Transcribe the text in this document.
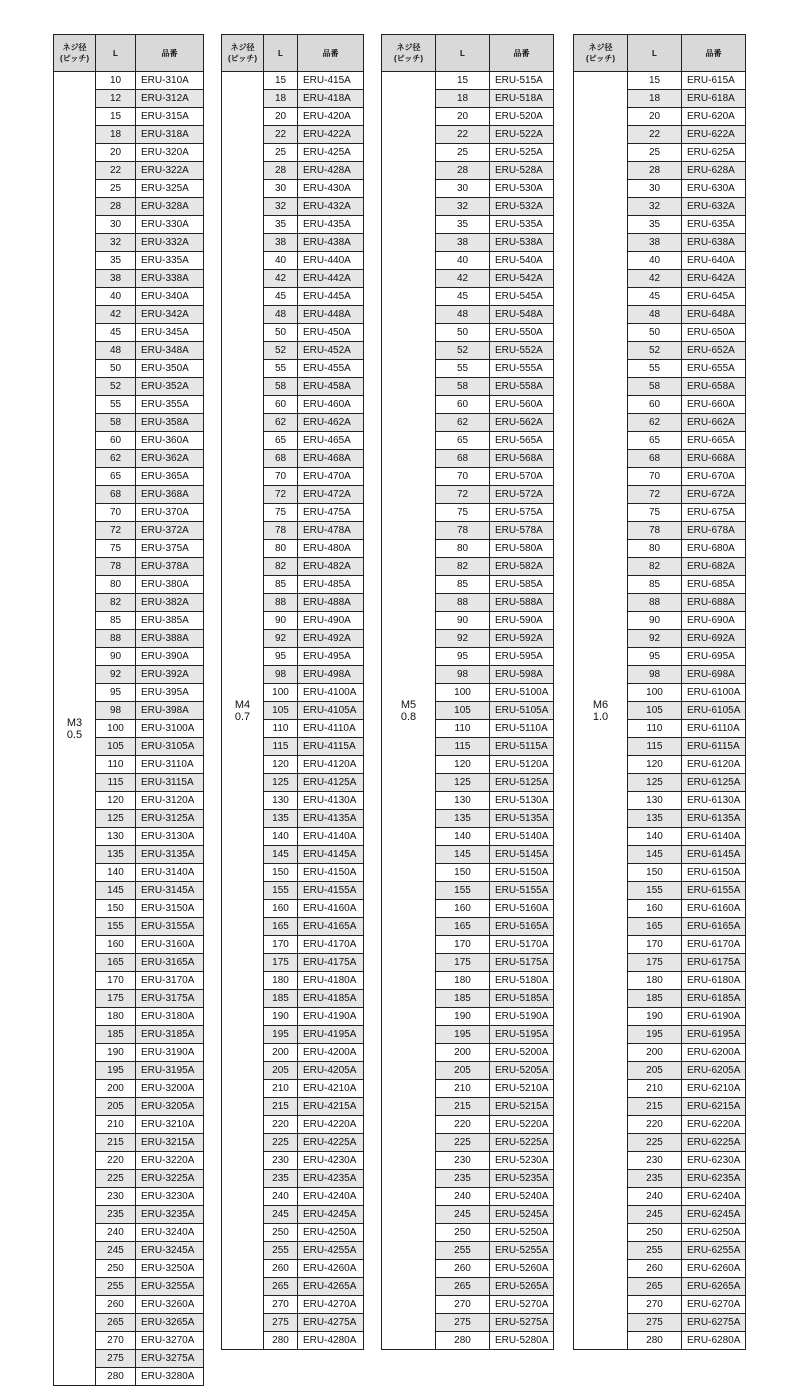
ネジ径
(ピッチ)	L	品番

M3
0.5	10	ERU-310A
	12	ERU-312A
	15	ERU-315A
	18	ERU-318A
	20	ERU-320A
	22	ERU-322A
	25	ERU-325A
	28	ERU-328A
	30	ERU-330A
	32	ERU-332A
	35	ERU-335A
	38	ERU-338A
	40	ERU-340A
	42	ERU-342A
	45	ERU-345A
	48	ERU-348A
	50	ERU-350A
	52	ERU-352A
	55	ERU-355A
	58	ERU-358A
	60	ERU-360A
	62	ERU-362A
	65	ERU-365A
	68	ERU-368A
	70	ERU-370A
	72	ERU-372A
	75	ERU-375A
	78	ERU-378A
	80	ERU-380A
	82	ERU-382A
	85	ERU-385A
	88	ERU-388A
	90	ERU-390A
	92	ERU-392A
	95	ERU-395A
	98	ERU-398A
	100	ERU-3100A
	105	ERU-3105A
	110	ERU-3110A
	115	ERU-3115A
	120	ERU-3120A
	125	ERU-3125A
	130	ERU-3130A
	135	ERU-3135A
	140	ERU-3140A
	145	ERU-3145A
	150	ERU-3150A
	155	ERU-3155A
	160	ERU-3160A
	165	ERU-3165A
	170	ERU-3170A
	175	ERU-3175A
	180	ERU-3180A
	185	ERU-3185A
	190	ERU-3190A
	195	ERU-3195A
	200	ERU-3200A
	205	ERU-3205A
	210	ERU-3210A
	215	ERU-3215A
	220	ERU-3220A
	225	ERU-3225A
	230	ERU-3230A
	235	ERU-3235A
	240	ERU-3240A
	245	ERU-3245A
	250	ERU-3250A
	255	ERU-3255A
	260	ERU-3260A
	265	ERU-3265A
	270	ERU-3270A
	275	ERU-3275A
	280	ERU-3280A
ネジ径
(ピッチ)	L	品番

M4
0.7	15	ERU-415A
	18	ERU-418A
	20	ERU-420A
	22	ERU-422A
	25	ERU-425A
	28	ERU-428A
	30	ERU-430A
	32	ERU-432A
	35	ERU-435A
	38	ERU-438A
	40	ERU-440A
	42	ERU-442A
	45	ERU-445A
	48	ERU-448A
	50	ERU-450A
	52	ERU-452A
	55	ERU-455A
	58	ERU-458A
	60	ERU-460A
	62	ERU-462A
	65	ERU-465A
	68	ERU-468A
	70	ERU-470A
	72	ERU-472A
	75	ERU-475A
	78	ERU-478A
	80	ERU-480A
	82	ERU-482A
	85	ERU-485A
	88	ERU-488A
	90	ERU-490A
	92	ERU-492A
	95	ERU-495A
	98	ERU-498A
	100	ERU-4100A
	105	ERU-4105A
	110	ERU-4110A
	115	ERU-4115A
	120	ERU-4120A
	125	ERU-4125A
	130	ERU-4130A
	135	ERU-4135A
	140	ERU-4140A
	145	ERU-4145A
	150	ERU-4150A
	155	ERU-4155A
	160	ERU-4160A
	165	ERU-4165A
	170	ERU-4170A
	175	ERU-4175A
	180	ERU-4180A
	185	ERU-4185A
	190	ERU-4190A
	195	ERU-4195A
	200	ERU-4200A
	205	ERU-4205A
	210	ERU-4210A
	215	ERU-4215A
	220	ERU-4220A
	225	ERU-4225A
	230	ERU-4230A
	235	ERU-4235A
	240	ERU-4240A
	245	ERU-4245A
	250	ERU-4250A
	255	ERU-4255A
	260	ERU-4260A
	265	ERU-4265A
	270	ERU-4270A
	275	ERU-4275A
	280	ERU-4280A
ネジ径
(ピッチ)	L	品番

M5
0.8	15	ERU-515A
	18	ERU-518A
	20	ERU-520A
	22	ERU-522A
	25	ERU-525A
	28	ERU-528A
	30	ERU-530A
	32	ERU-532A
	35	ERU-535A
	38	ERU-538A
	40	ERU-540A
	42	ERU-542A
	45	ERU-545A
	48	ERU-548A
	50	ERU-550A
	52	ERU-552A
	55	ERU-555A
	58	ERU-558A
	60	ERU-560A
	62	ERU-562A
	65	ERU-565A
	68	ERU-568A
	70	ERU-570A
	72	ERU-572A
	75	ERU-575A
	78	ERU-578A
	80	ERU-580A
	82	ERU-582A
	85	ERU-585A
	88	ERU-588A
	90	ERU-590A
	92	ERU-592A
	95	ERU-595A
	98	ERU-598A
	100	ERU-5100A
	105	ERU-5105A
	110	ERU-5110A
	115	ERU-5115A
	120	ERU-5120A
	125	ERU-5125A
	130	ERU-5130A
	135	ERU-5135A
	140	ERU-5140A
	145	ERU-5145A
	150	ERU-5150A
	155	ERU-5155A
	160	ERU-5160A
	165	ERU-5165A
	170	ERU-5170A
	175	ERU-5175A
	180	ERU-5180A
	185	ERU-5185A
	190	ERU-5190A
	195	ERU-5195A
	200	ERU-5200A
	205	ERU-5205A
	210	ERU-5210A
	215	ERU-5215A
	220	ERU-5220A
	225	ERU-5225A
	230	ERU-5230A
	235	ERU-5235A
	240	ERU-5240A
	245	ERU-5245A
	250	ERU-5250A
	255	ERU-5255A
	260	ERU-5260A
	265	ERU-5265A
	270	ERU-5270A
	275	ERU-5275A
	280	ERU-5280A
ネジ径
(ピッチ)	L	品番

M6
1.0	15	ERU-615A
	18	ERU-618A
	20	ERU-620A
	22	ERU-622A
	25	ERU-625A
	28	ERU-628A
	30	ERU-630A
	32	ERU-632A
	35	ERU-635A
	38	ERU-638A
	40	ERU-640A
	42	ERU-642A
	45	ERU-645A
	48	ERU-648A
	50	ERU-650A
	52	ERU-652A
	55	ERU-655A
	58	ERU-658A
	60	ERU-660A
	62	ERU-662A
	65	ERU-665A
	68	ERU-668A
	70	ERU-670A
	72	ERU-672A
	75	ERU-675A
	78	ERU-678A
	80	ERU-680A
	82	ERU-682A
	85	ERU-685A
	88	ERU-688A
	90	ERU-690A
	92	ERU-692A
	95	ERU-695A
	98	ERU-698A
	100	ERU-6100A
	105	ERU-6105A
	110	ERU-6110A
	115	ERU-6115A
	120	ERU-6120A
	125	ERU-6125A
	130	ERU-6130A
	135	ERU-6135A
	140	ERU-6140A
	145	ERU-6145A
	150	ERU-6150A
	155	ERU-6155A
	160	ERU-6160A
	165	ERU-6165A
	170	ERU-6170A
	175	ERU-6175A
	180	ERU-6180A
	185	ERU-6185A
	190	ERU-6190A
	195	ERU-6195A
	200	ERU-6200A
	205	ERU-6205A
	210	ERU-6210A
	215	ERU-6215A
	220	ERU-6220A
	225	ERU-6225A
	230	ERU-6230A
	235	ERU-6235A
	240	ERU-6240A
	245	ERU-6245A
	250	ERU-6250A
	255	ERU-6255A
	260	ERU-6260A
	265	ERU-6265A
	270	ERU-6270A
	275	ERU-6275A
	280	ERU-6280A
